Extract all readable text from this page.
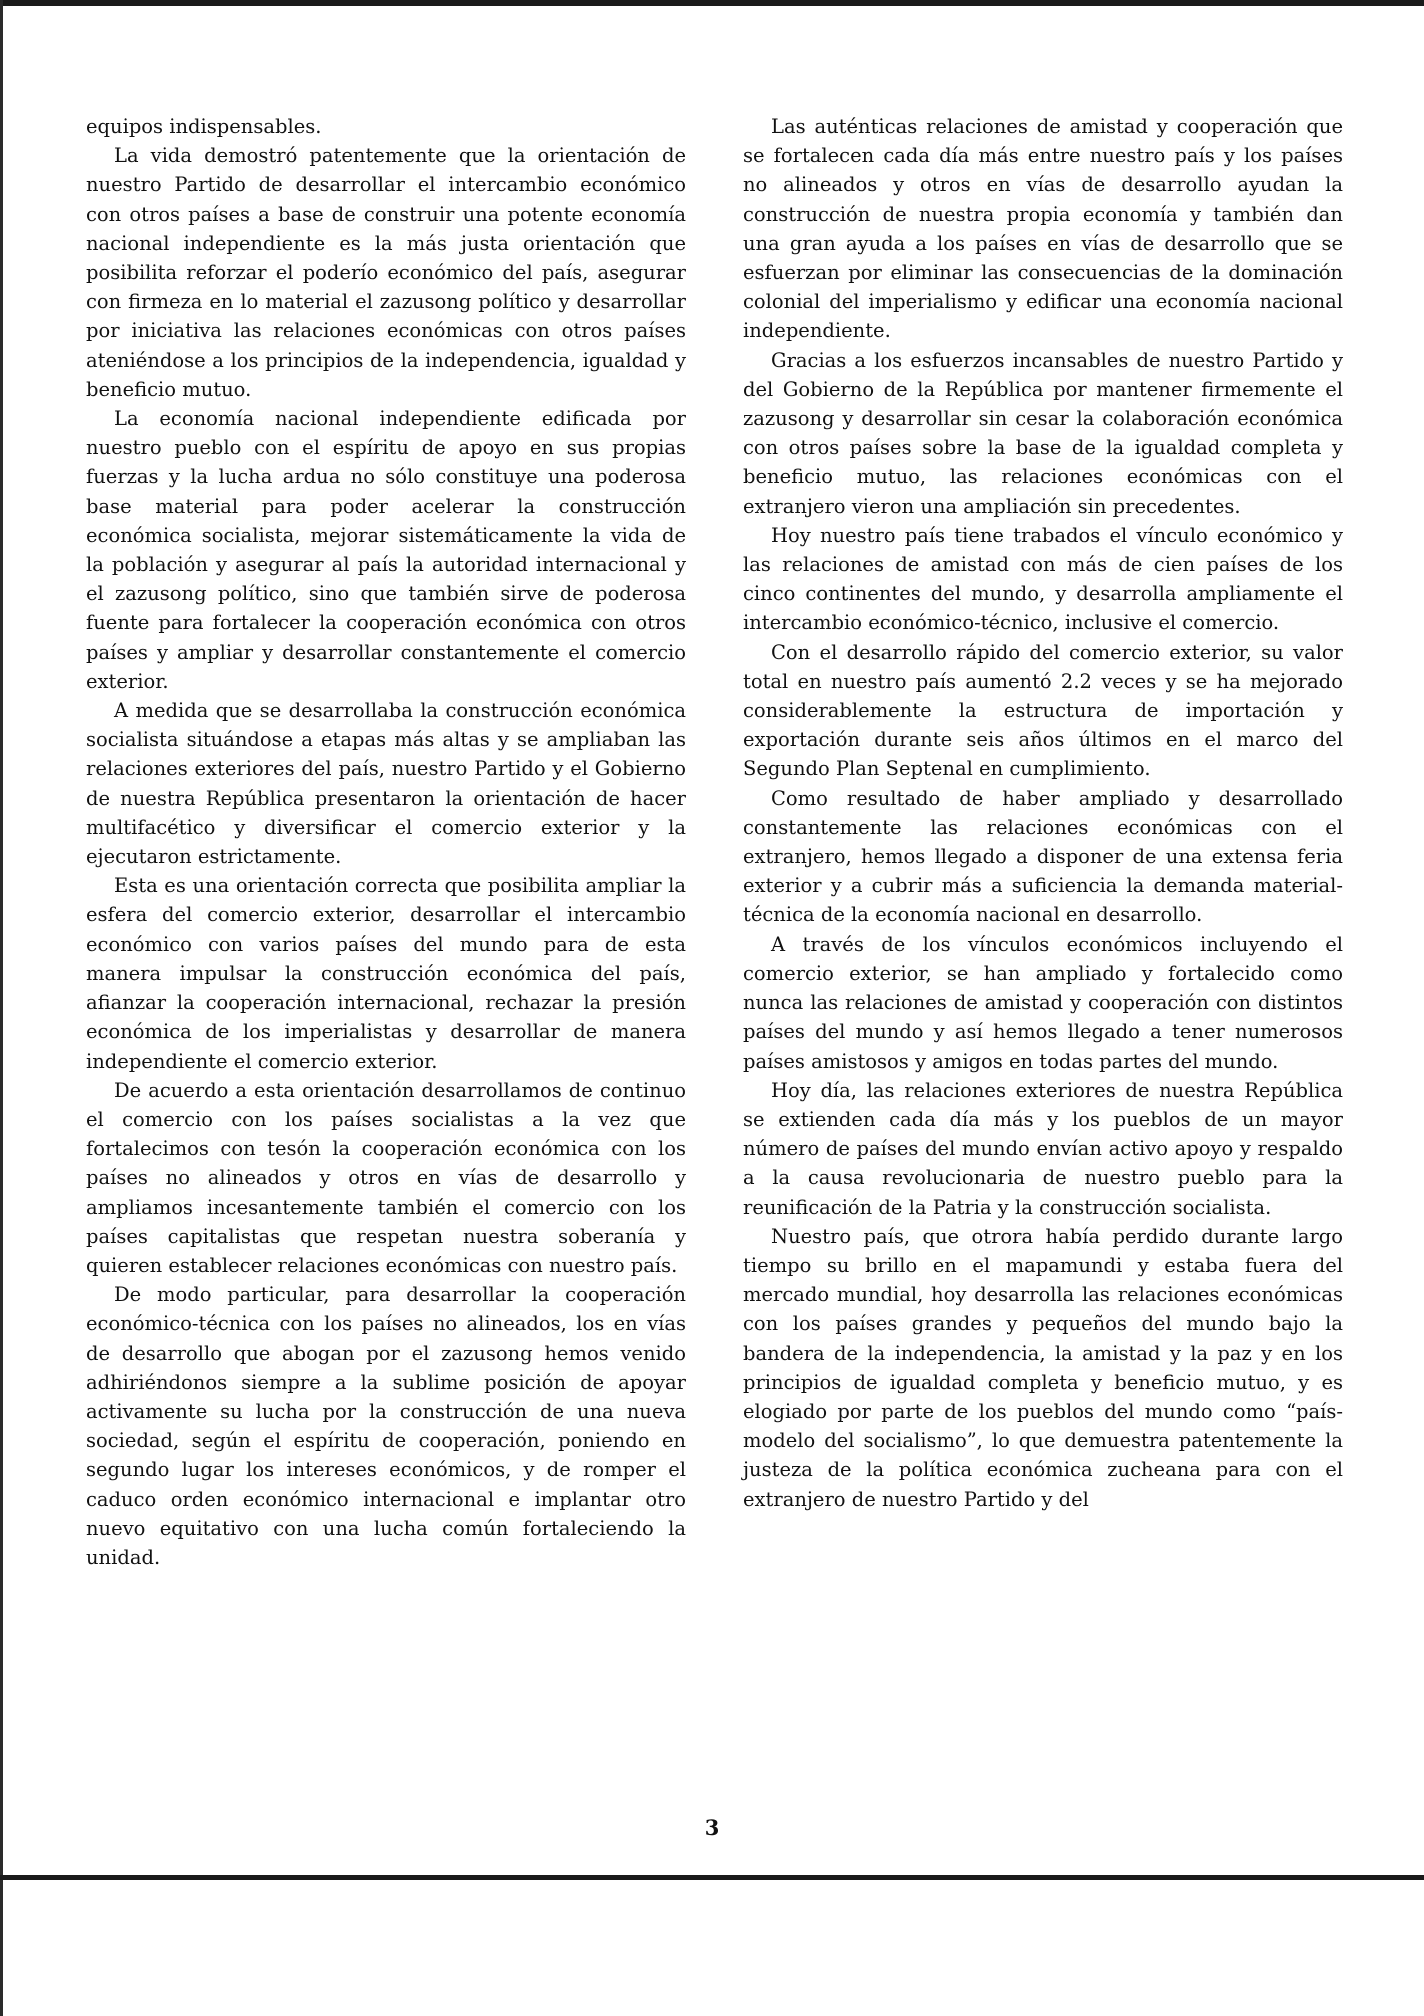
equipos indispensables.

La vida demostró patentemente que la orientación de nuestro Partido de desarrollar el intercambio económico con otros países a base de construir una potente economía nacional independiente es la más justa orientación que posibilita reforzar el poderío económico del país, asegurar con firmeza en lo material el zazusong político y desarrollar por iniciativa las relaciones económicas con otros países ateniéndose a los principios de la independencia, igualdad y beneficio mutuo.

La economía nacional independiente edificada por nuestro pueblo con el espíritu de apoyo en sus propias fuerzas y la lucha ardua no sólo constituye una poderosa base material para poder acelerar la construcción económica socialista, mejorar sistemáticamente la vida de la población y asegurar al país la autoridad internacional y el zazusong político, sino que también sirve de poderosa fuente para fortalecer la cooperación económica con otros países y ampliar y desarrollar constantemente el comercio exterior.

A medida que se desarrollaba la construcción económica socialista situándose a etapas más altas y se ampliaban las relaciones exteriores del país, nuestro Partido y el Gobierno de nuestra República presentaron la orientación de hacer multifacético y diversificar el comercio exterior y la ejecutaron estrictamente.

Esta es una orientación correcta que posibilita ampliar la esfera del comercio exterior, desarrollar el intercambio económico con varios países del mundo para de esta manera impulsar la construcción económica del país, afianzar la cooperación internacional, rechazar la presión económica de los imperialistas y desarrollar de manera independiente el comercio exterior.

De acuerdo a esta orientación desarrollamos de continuo el comercio con los países socialistas a la vez que fortalecimos con tesón la cooperación económica con los países no alineados y otros en vías de desarrollo y ampliamos incesantemente también el comercio con los países capitalistas que respetan nuestra soberanía y quieren establecer relaciones económicas con nuestro país.

De modo particular, para desarrollar la cooperación económico-técnica con los países no alineados, los en vías de desarrollo que abogan por el zazusong hemos venido adhiriéndonos siempre a la sublime posición de apoyar activamente su lucha por la construcción de una nueva sociedad, según el espíritu de cooperación, poniendo en segundo lugar los intereses económicos, y de romper el caduco orden económico internacional e implantar otro nuevo equitativo con una lucha común fortaleciendo la unidad.

Las auténticas relaciones de amistad y cooperación que se fortalecen cada día más entre nuestro país y los países no alineados y otros en vías de desarrollo ayudan la construcción de nuestra propia economía y también dan una gran ayuda a los países en vías de desarrollo que se esfuerzan por eliminar las consecuencias de la dominación colonial del imperialismo y edificar una economía nacional independiente.

Gracias a los esfuerzos incansables de nuestro Partido y del Gobierno de la República por mantener firmemente el zazusong y desarrollar sin cesar la colaboración económica con otros países sobre la base de la igualdad completa y beneficio mutuo, las relaciones económicas con el extranjero vieron una ampliación sin precedentes.

Hoy nuestro país tiene trabados el vínculo económico y las relaciones de amistad con más de cien países de los cinco continentes del mundo, y desarrolla ampliamente el intercambio económico-técnico, inclusive el comercio.

Con el desarrollo rápido del comercio exterior, su valor total en nuestro país aumentó 2.2 veces y se ha mejorado considerablemente la estructura de importación y exportación durante seis años últimos en el marco del Segundo Plan Septenal en cumplimiento.

Como resultado de haber ampliado y desarrollado constantemente las relaciones económicas con el extranjero, hemos llegado a disponer de una extensa feria exterior y a cubrir más a suficiencia la demanda material-técnica de la economía nacional en desarrollo.

A través de los vínculos económicos incluyendo el comercio exterior, se han ampliado y fortalecido como nunca las relaciones de amistad y cooperación con distintos países del mundo y así hemos llegado a tener numerosos países amistosos y amigos en todas partes del mundo.

Hoy día, las relaciones exteriores de nuestra República se extienden cada día más y los pueblos de un mayor número de países del mundo envían activo apoyo y respaldo a la causa revolucionaria de nuestro pueblo para la reunificación de la Patria y la construcción socialista.

Nuestro país, que otrora había perdido durante largo tiempo su brillo en el mapamundi y estaba fuera del mercado mundial, hoy desarrolla las relaciones económicas con los países grandes y pequeños del mundo bajo la bandera de la independencia, la amistad y la paz y en los principios de igualdad completa y beneficio mutuo, y es elogiado por parte de los pueblos del mundo como “país-modelo del socialismo”, lo que demuestra patentemente la justeza de la política económica zucheana para con el extranjero de nuestro Partido y del

3
